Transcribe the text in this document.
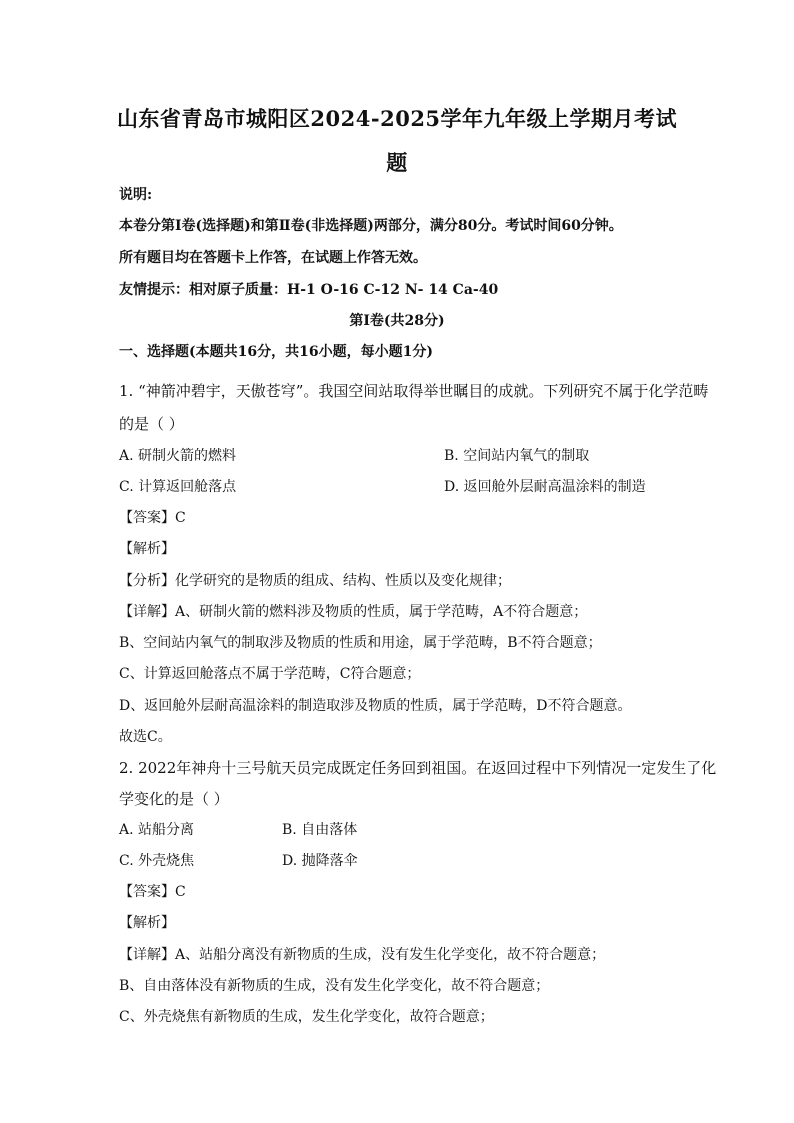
山东省青岛市城阳区2024-2025学年九年级上学期月考试
题
说明:
本卷分第Ⅰ卷(选择题)和第Ⅱ卷(非选择题)两部分，满分80分。考试时间60分钟。
所有题目均在答题卡上作答，在试题上作答无效。
友情提示：相对原子质量：H-1 O-16 C-12 N- 14 Ca-40
第Ⅰ卷(共28分)
一、选择题(本题共16分，共16小题，每小题1分)
1. “神箭冲碧宇，天傲苍穹”。我国空间站取得举世瞩目的成就。下列研究不属于化学范畴
的是（ ）
A. 研制火箭的燃料	B. 空间站内氧气的制取
C. 计算返回舱落点	D. 返回舱外层耐高温涂料的制造
【答案】C
【解析】
【分析】化学研究的是物质的组成、结构、性质以及变化规律；
【详解】A、研制火箭的燃料涉及物质的性质，属于学范畴，A不符合题意；
B、空间站内氧气的制取涉及物质的性质和用途，属于学范畴，B不符合题意；
C、计算返回舱落点不属于学范畴，C符合题意；
D、返回舱外层耐高温涂料的制造取涉及物质的性质，属于学范畴，D不符合题意。
故选C。
2. 2022年神舟十三号航天员完成既定任务回到祖国。在返回过程中下列情况一定发生了化
学变化的是（ ）
A. 站船分离	B. 自由落体
C. 外壳烧焦	D. 抛降落伞
【答案】C
【解析】
【详解】A、站船分离没有新物质的生成，没有发生化学变化，故不符合题意；
B、自由落体没有新物质的生成，没有发生化学变化，故不符合题意；
C、外壳烧焦有新物质的生成，发生化学变化，故符合题意；
